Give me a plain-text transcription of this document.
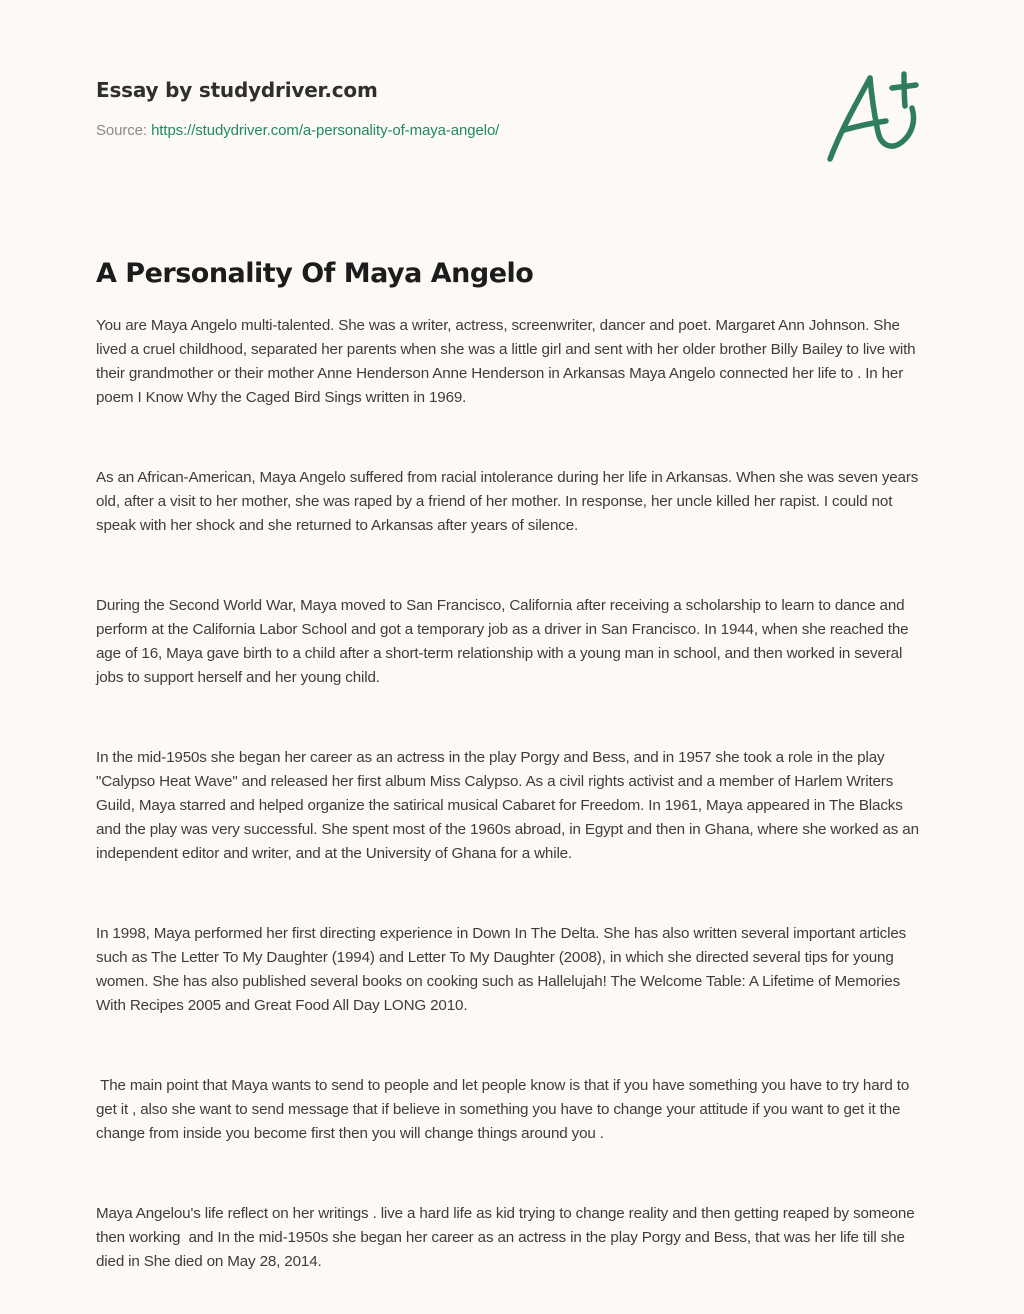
Essay by studydriver.com
Source: https://studydriver.com/a-personality-of-maya-angelo/
A Personality Of Maya Angelo

You are Maya Angelo multi-talented. She was a writer, actress, screenwriter, dancer and poet. Margaret Ann Johnson. She lived a cruel childhood, separated her parents when she was a little girl and sent with her older brother Billy Bailey to live with their grandmother or their mother Anne Henderson Anne Henderson in Arkansas Maya Angelo connected her life to . In her poem I Know Why the Caged Bird Sings written in 1969.

As an African-American, Maya Angelo suffered from racial intolerance during her life in Arkansas. When she was seven years old, after a visit to her mother, she was raped by a friend of her mother. In response, her uncle killed her rapist. I could not speak with her shock and she returned to Arkansas after years of silence.

During the Second World War, Maya moved to San Francisco, California after receiving a scholarship to learn to dance and perform at the California Labor School and got a temporary job as a driver in San Francisco. In 1944, when she reached the age of 16, Maya gave birth to a child after a short-term relationship with a young man in school, and then worked in several jobs to support herself and her young child.

In the mid-1950s she began her career as an actress in the play Porgy and Bess, and in 1957 she took a role in the play "Calypso Heat Wave" and released her first album Miss Calypso. As a civil rights activist and a member of Harlem Writers Guild, Maya starred and helped organize the satirical musical Cabaret for Freedom. In 1961, Maya appeared in The Blacks and the play was very successful. She spent most of the 1960s abroad, in Egypt and then in Ghana, where she worked as an independent editor and writer, and at the University of Ghana for a while.

In 1998, Maya performed her first directing experience in Down In The Delta. She has also written several important articles such as The Letter To My Daughter (1994) and Letter To My Daughter (2008), in which she directed several tips for young women. She has also published several books on cooking such as Hallelujah! The Welcome Table: A Lifetime of Memories With Recipes 2005 and Great Food All Day LONG 2010.

The main point that Maya wants to send to people and let people know is that if you have something you have to try hard to get it , also she want to send message that if believe in something you have to change your attitude if you want to get it the change from inside you become first then you will change things around you .

Maya Angelou's life reflect on her writings . live a hard life as kid trying to change reality and then getting reaped by someone then working  and In the mid-1950s she began her career as an actress in the play Porgy and Bess, that was her life till she died in She died on May 28, 2014.
